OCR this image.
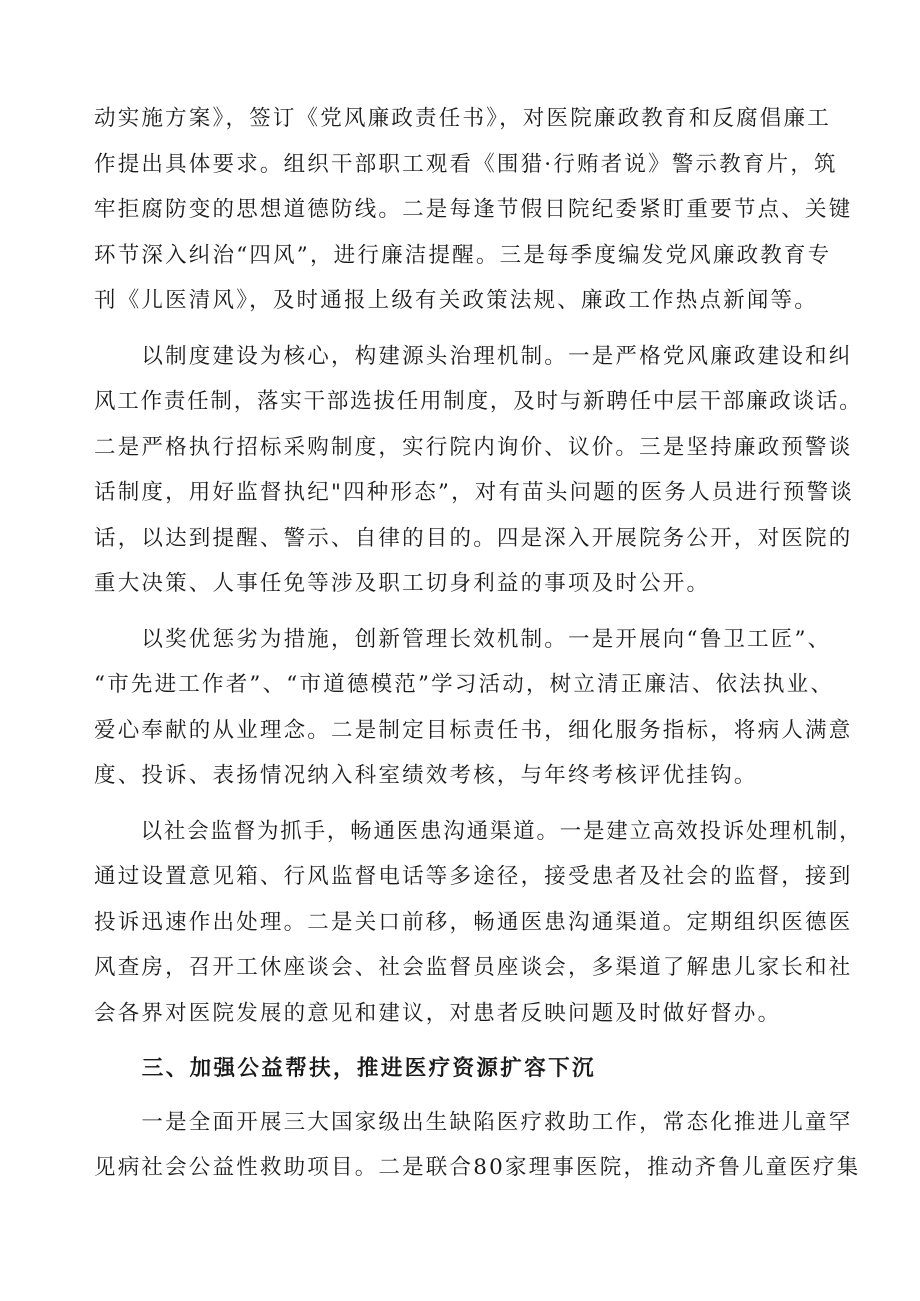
动实施方案》，签订《党风廉政责任书》，对医院廉政教育和反腐倡廉工
作提出具体要求。组织干部职工观看《围猎·行贿者说》警示教育片，筑
牢拒腐防变的思想道德防线。二是每逢节假日院纪委紧盯重要节点、关键
环节深入纠治“四风”，进行廉洁提醒。三是每季度编发党风廉政教育专
刊《儿医清风》，及时通报上级有关政策法规、廉政工作热点新闻等。
　　以制度建设为核心，构建源头治理机制。一是严格党风廉政建设和纠
风工作责任制，落实干部选拔任用制度，及时与新聘任中层干部廉政谈话。
二是严格执行招标采购制度，实行院内询价、议价。三是坚持廉政预警谈
话制度，用好监督执纪"四种形态”，对有苗头问题的医务人员进行预警谈
话，以达到提醒、警示、自律的目的。四是深入开展院务公开，对医院的
重大决策、人事任免等涉及职工切身利益的事项及时公开。
　　以奖优惩劣为措施，创新管理长效机制。一是开展向“鲁卫工匠”、
“市先进工作者”、“市道德模范”学习活动，树立清正廉洁、依法执业、
爱心奉献的从业理念。二是制定目标责任书，细化服务指标，将病人满意
度、投诉、表扬情况纳入科室绩效考核，与年终考核评优挂钩。
　　以社会监督为抓手，畅通医患沟通渠道。一是建立高效投诉处理机制，
通过设置意见箱、行风监督电话等多途径，接受患者及社会的监督，接到
投诉迅速作出处理。二是关口前移，畅通医患沟通渠道。定期组织医德医
风查房，召开工休座谈会、社会监督员座谈会，多渠道了解患儿家长和社
会各界对医院发展的意见和建议，对患者反映问题及时做好督办。
　　三、加强公益帮扶，推进医疗资源扩容下沉
　　一是全面开展三大国家级出生缺陷医疗救助工作，常态化推进儿童罕
见病社会公益性救助项目。二是联合80家理事医院，推动齐鲁儿童医疗集
